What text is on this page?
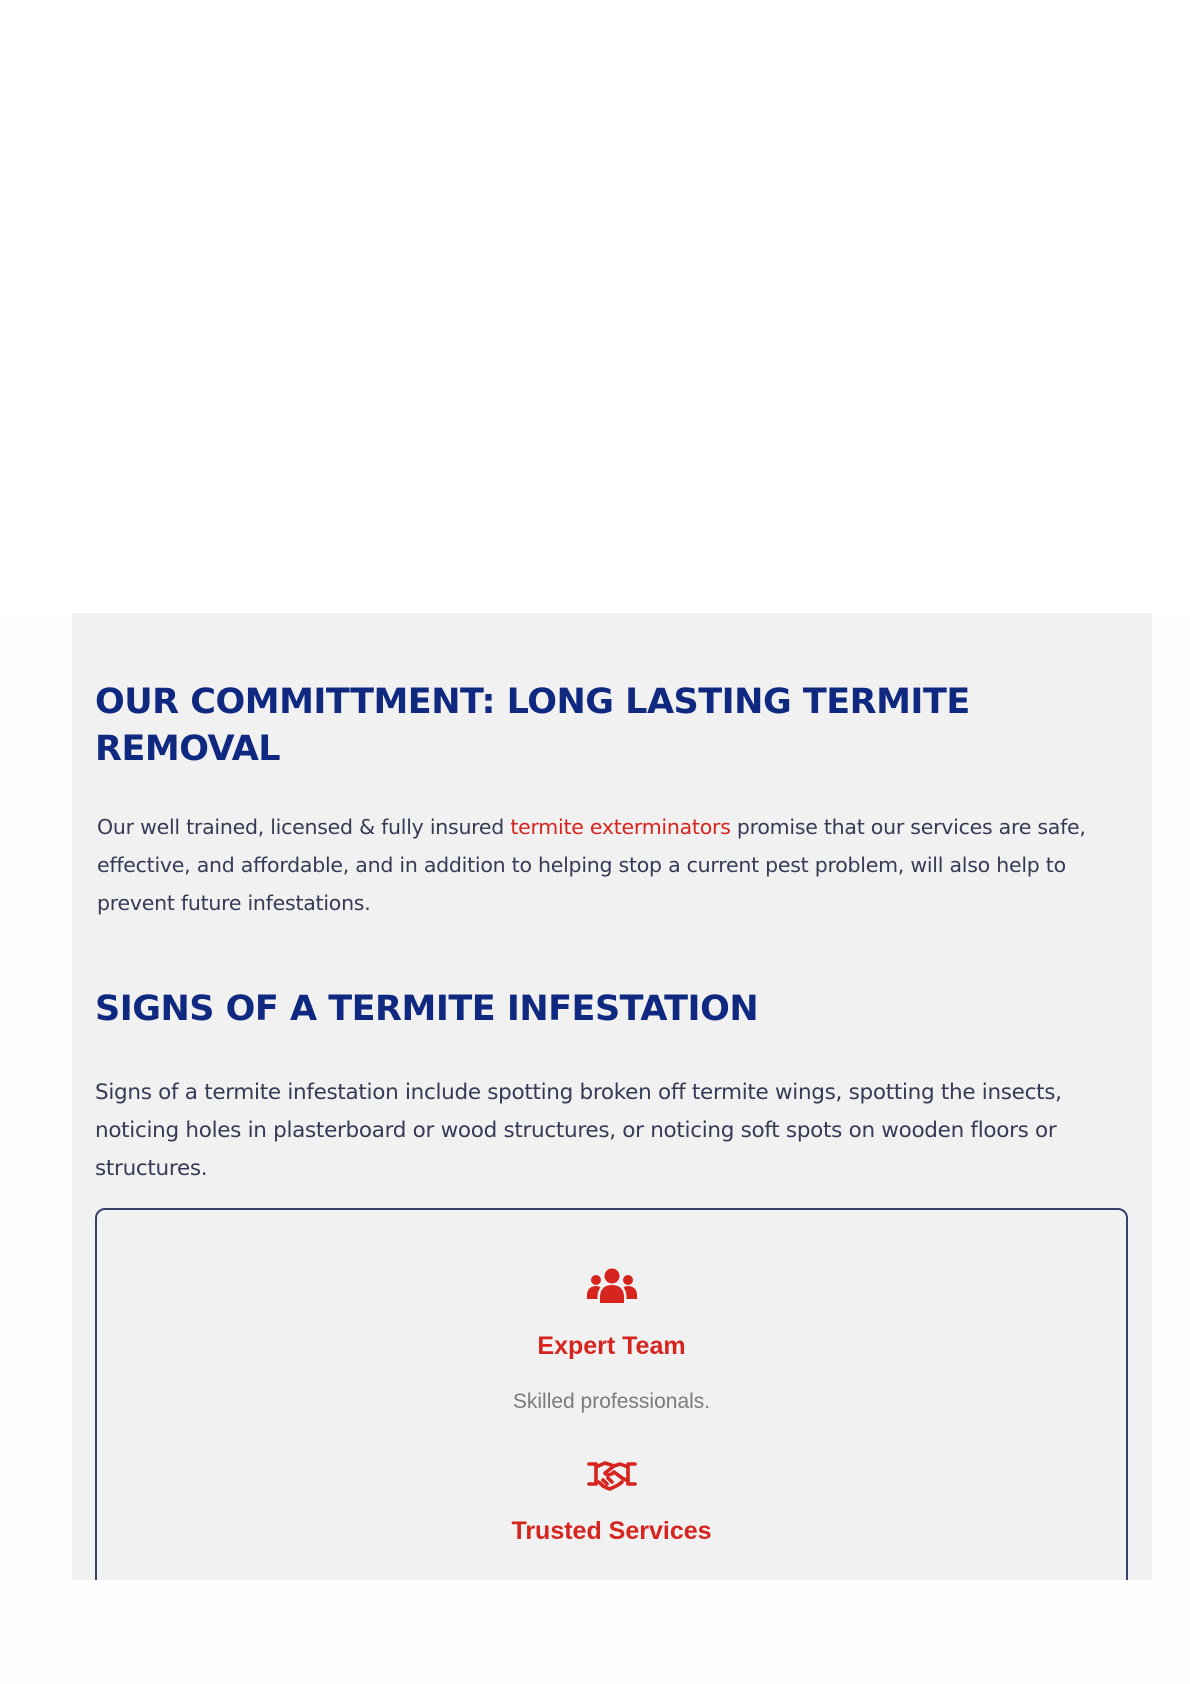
OUR COMMITTMENT: LONG LASTING TERMITE REMOVAL

Our well trained, licensed & fully insured termite exterminators promise that our services are safe, effective, and affordable, and in addition to helping stop a current pest problem, will also help to prevent future infestations.

SIGNS OF A TERMITE INFESTATION

Signs of a termite infestation include spotting broken off termite wings, spotting the insects, noticing holes in plasterboard or wood structures, or noticing soft spots on wooden floors or structures.

Expert Team

Skilled professionals.

Trusted Services
